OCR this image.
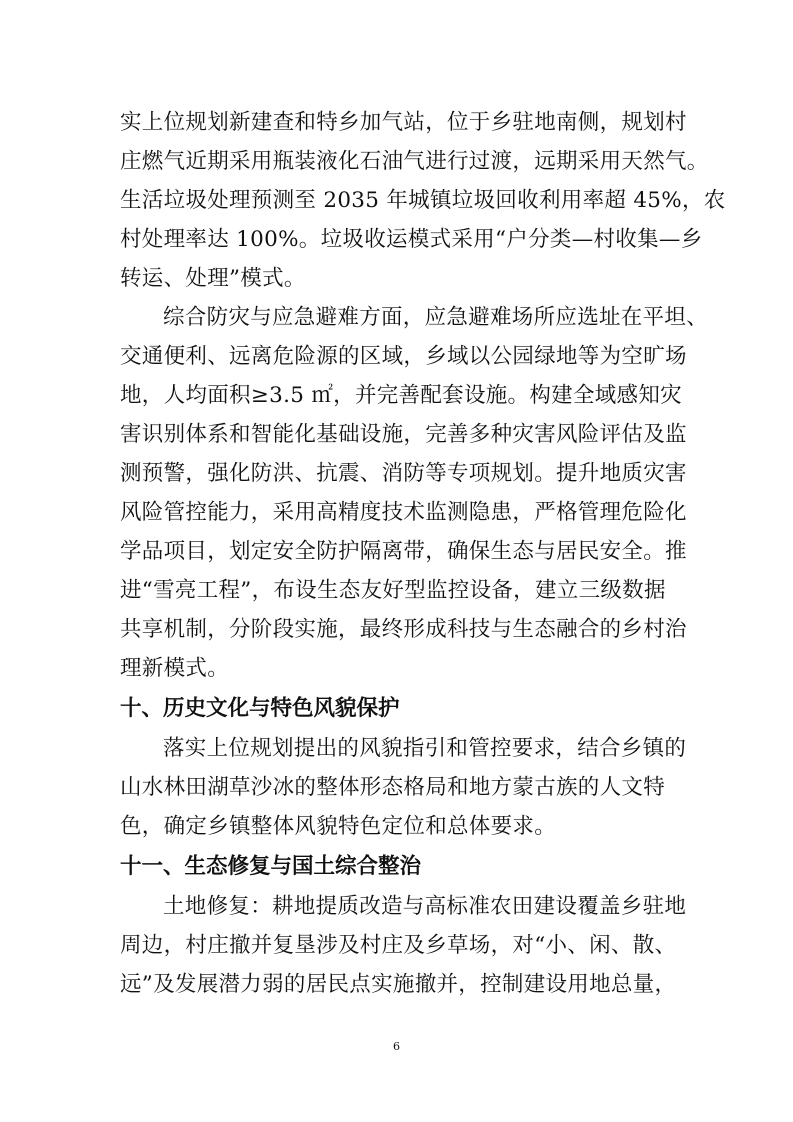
实上位规划新建查和特乡加气站，位于乡驻地南侧，规划村
庄燃气近期采用瓶装液化石油气进行过渡，远期采用天然气。
生活垃圾处理预测至 2035 年城镇垃圾回收利用率超 45%，农
村处理率达 100%。垃圾收运模式采用“户分类—村收集—乡
转运、处理”模式。
综合防灾与应急避难方面，应急避难场所应选址在平坦、
交通便利、远离危险源的区域，乡域以公园绿地等为空旷场
地，人均面积≥3.5 ㎡，并完善配套设施。构建全域感知灾
害识别体系和智能化基础设施，完善多种灾害风险评估及监
测预警，强化防洪、抗震、消防等专项规划。提升地质灾害
风险管控能力，采用高精度技术监测隐患，严格管理危险化
学品项目，划定安全防护隔离带，确保生态与居民安全。推
进“雪亮工程”，布设生态友好型监控设备，建立三级数据
共享机制，分阶段实施，最终形成科技与生态融合的乡村治
理新模式。
十、历史文化与特色风貌保护
落实上位规划提出的风貌指引和管控要求，结合乡镇的
山水林田湖草沙冰的整体形态格局和地方蒙古族的人文特
色，确定乡镇整体风貌特色定位和总体要求。
十一、生态修复与国土综合整治
土地修复：耕地提质改造与高标准农田建设覆盖乡驻地
周边，村庄撤并复垦涉及村庄及乡草场，对“小、闲、散、
远”及发展潜力弱的居民点实施撤并，控制建设用地总量，
6
